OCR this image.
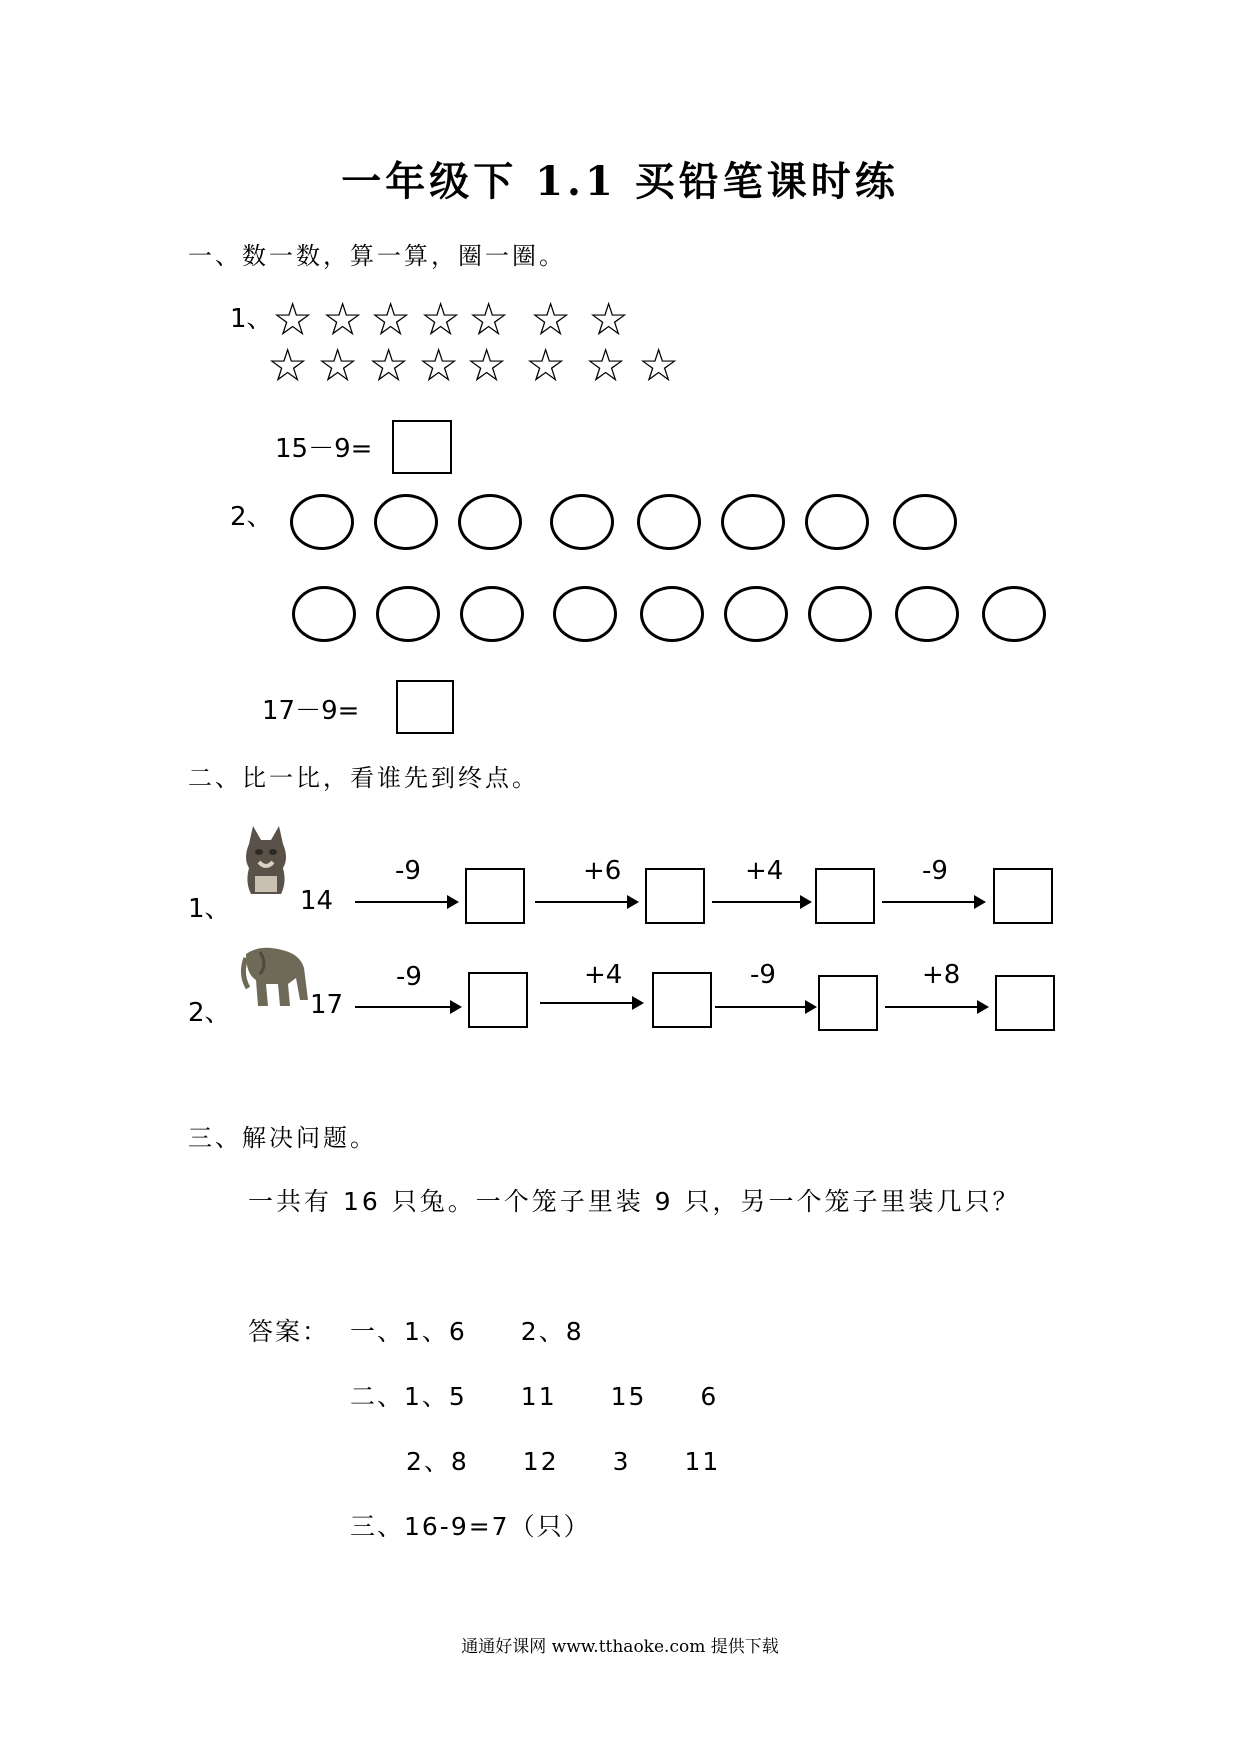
一年级下 1.1 买铅笔课时练
一、数一数，算一算，圈一圈。
1、 ☆ ☆ ☆ ☆ ☆ ☆ ☆
☆ ☆ ☆ ☆ ☆ ☆ ☆ ☆
15－9=
2、
17－9=
二、比一比，看谁先到终点。
1、	14
-9	+6	+4	-9
2、	17
-9	+4	-9	+8
三、解决问题。
一共有 16 只兔。一个笼子里装 9 只，另一个笼子里装几只？
答案： 一、1、6　　2、8
二、1、5　　11　　15　　6
2、8　　12　　3　　11
三、16-9=7（只）
通通好课网 www.tthaoke.com 提供下载
